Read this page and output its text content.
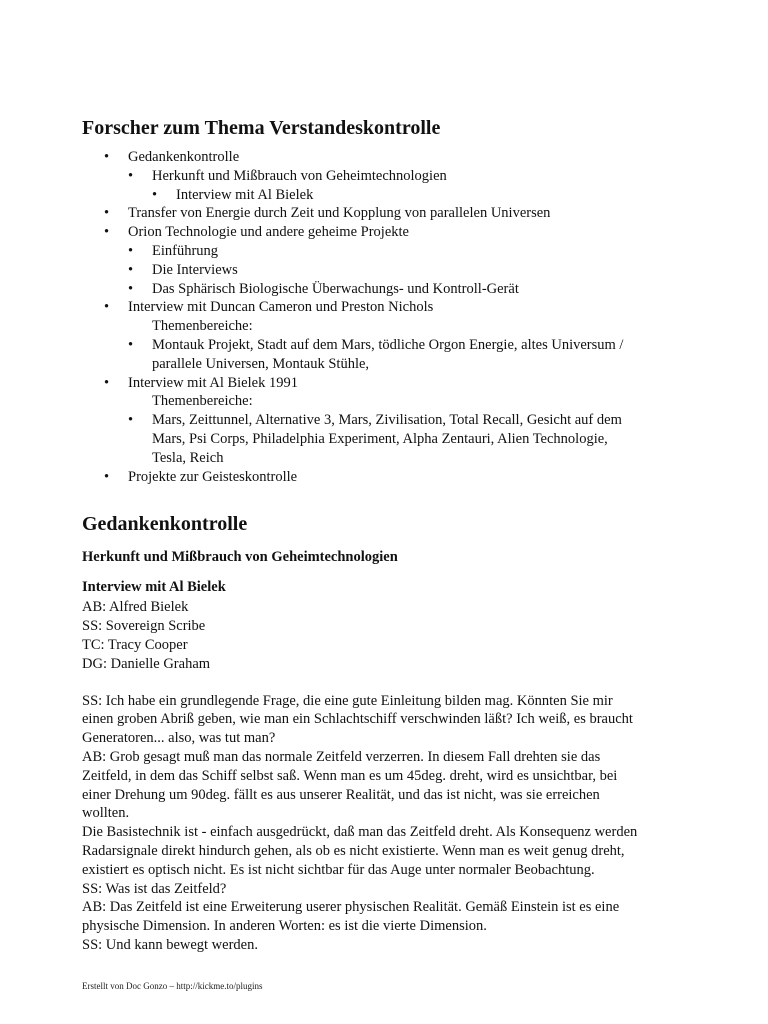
Forscher zum Thema Verstandeskontrolle
•	Gedankenkontrolle
•	Herkunft und Mißbrauch von Geheimtechnologien
•	Interview mit Al Bielek
•	Transfer von Energie durch Zeit und Kopplung von parallelen Universen
•	Orion Technologie und andere geheime Projekte
•	Einführung
•	Die Interviews
•	Das Sphärisch Biologische Überwachungs- und Kontroll-Gerät
•	Interview mit Duncan Cameron und Preston Nichols
Themenbereiche:
•	Montauk Projekt, Stadt auf dem Mars, tödliche Orgon Energie, altes Universum /
parallele Universen, Montauk Stühle,
•	Interview mit Al Bielek 1991
Themenbereiche:
•	Mars, Zeittunnel, Alternative 3, Mars, Zivilisation, Total Recall, Gesicht auf dem
Mars, Psi Corps, Philadelphia Experiment, Alpha Zentauri, Alien Technologie,
Tesla, Reich
•	Projekte zur Geisteskontrolle
Gedankenkontrolle
Herkunft und Mißbrauch von Geheimtechnologien
Interview mit Al Bielek

AB: Alfred Bielek

SS: Sovereign Scribe

TC: Tracy Cooper

DG: Danielle Graham

SS: Ich habe ein grundlegende Frage, die eine gute Einleitung bilden mag. Könnten Sie mir

einen groben Abriß geben, wie man ein Schlachtschiff verschwinden läßt? Ich weiß, es braucht

Generatoren... also, was tut man?

AB: Grob gesagt muß man das normale Zeitfeld verzerren. In diesem Fall drehten sie das

Zeitfeld, in dem das Schiff selbst saß. Wenn man es um 45deg. dreht, wird es unsichtbar, bei

einer Drehung um 90deg. fällt es aus unserer Realität, und das ist nicht, was sie erreichen

wollten.

Die Basistechnik ist - einfach ausgedrückt, daß man das Zeitfeld dreht. Als Konsequenz werden

Radarsignale direkt hindurch gehen, als ob es nicht existierte. Wenn man es weit genug dreht,

existiert es optisch nicht. Es ist nicht sichtbar für das Auge unter normaler Beobachtung.

SS: Was ist das Zeitfeld?

AB: Das Zeitfeld ist eine Erweiterung userer physischen Realität. Gemäß Einstein ist es eine

physische Dimension. In anderen Worten: es ist die vierte Dimension.

SS: Und kann bewegt werden.

Erstellt von Doc Gonzo – http://kickme.to/plugins
